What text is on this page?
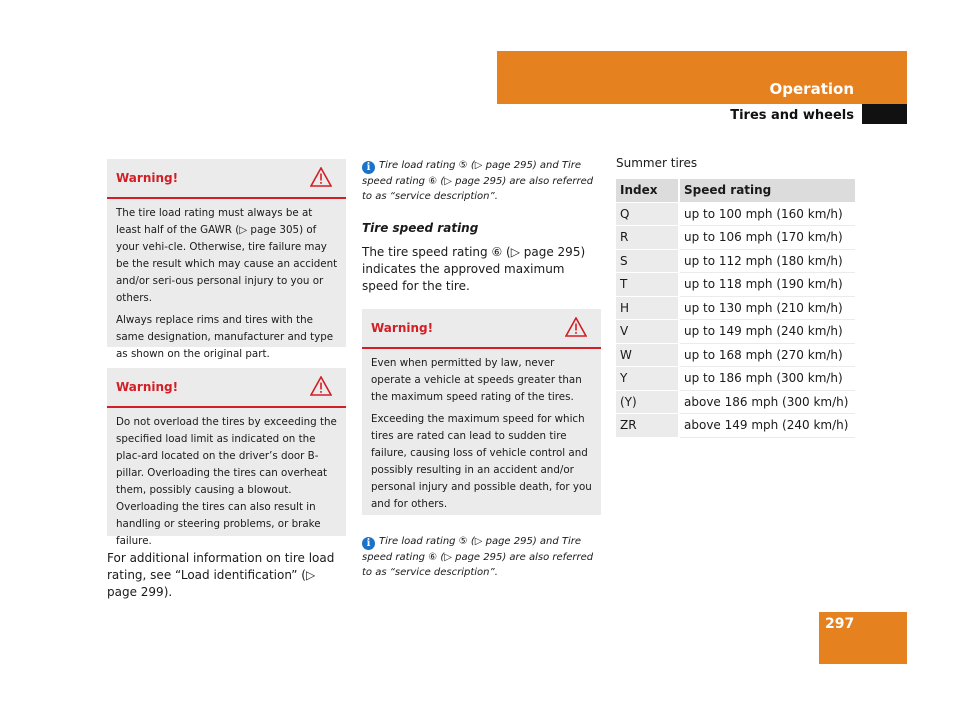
Operation
Tires and wheels
Warning!

The tire load rating must always be at least half of the GAWR (▷ page 305) of your vehi-cle. Otherwise, tire failure may be the result which may cause an accident and/or seri-ous personal injury to you or others.

Always replace rims and tires with the same designation, manufacturer and type as shown on the original part.

Warning!

Do not overload the tires by exceeding the specified load limit as indicated on the plac-ard located on the driver’s door B-pillar. Overloading the tires can overheat them, possibly causing a blowout. Overloading the tires can also result in handling or steering problems, or brake failure.

For additional information on tire load rating, see “Load identification” (▷ page 299).
i Tire load rating ⑤ (▷ page 295) and Tire speed rating ⑥ (▷ page 295) are also referred to as “service description”.
Tire speed rating
The tire speed rating ⑥ (▷ page 295) indicates the approved maximum speed for the tire.
Warning!

Even when permitted by law, never operate a vehicle at speeds greater than the maximum speed rating of the tires.

Exceeding the maximum speed for which tires are rated can lead to sudden tire failure, causing loss of vehicle control and possibly resulting in an accident and/or personal injury and possible death, for you and for others.

i Tire load rating ⑤ (▷ page 295) and Tire speed rating ⑥ (▷ page 295) are also referred to as “service description”.
Summer tires
Index	Speed rating
Q	up to 100 mph (160 km/h)
R	up to 106 mph (170 km/h)
S	up to 112 mph (180 km/h)
T	up to 118 mph (190 km/h)
H	up to 130 mph (210 km/h)
V	up to 149 mph (240 km/h)
W	up to 168 mph (270 km/h)
Y	up to 186 mph (300 km/h)
(Y)	above 186 mph (300 km/h)
ZR	above 149 mph (240 km/h)
297
